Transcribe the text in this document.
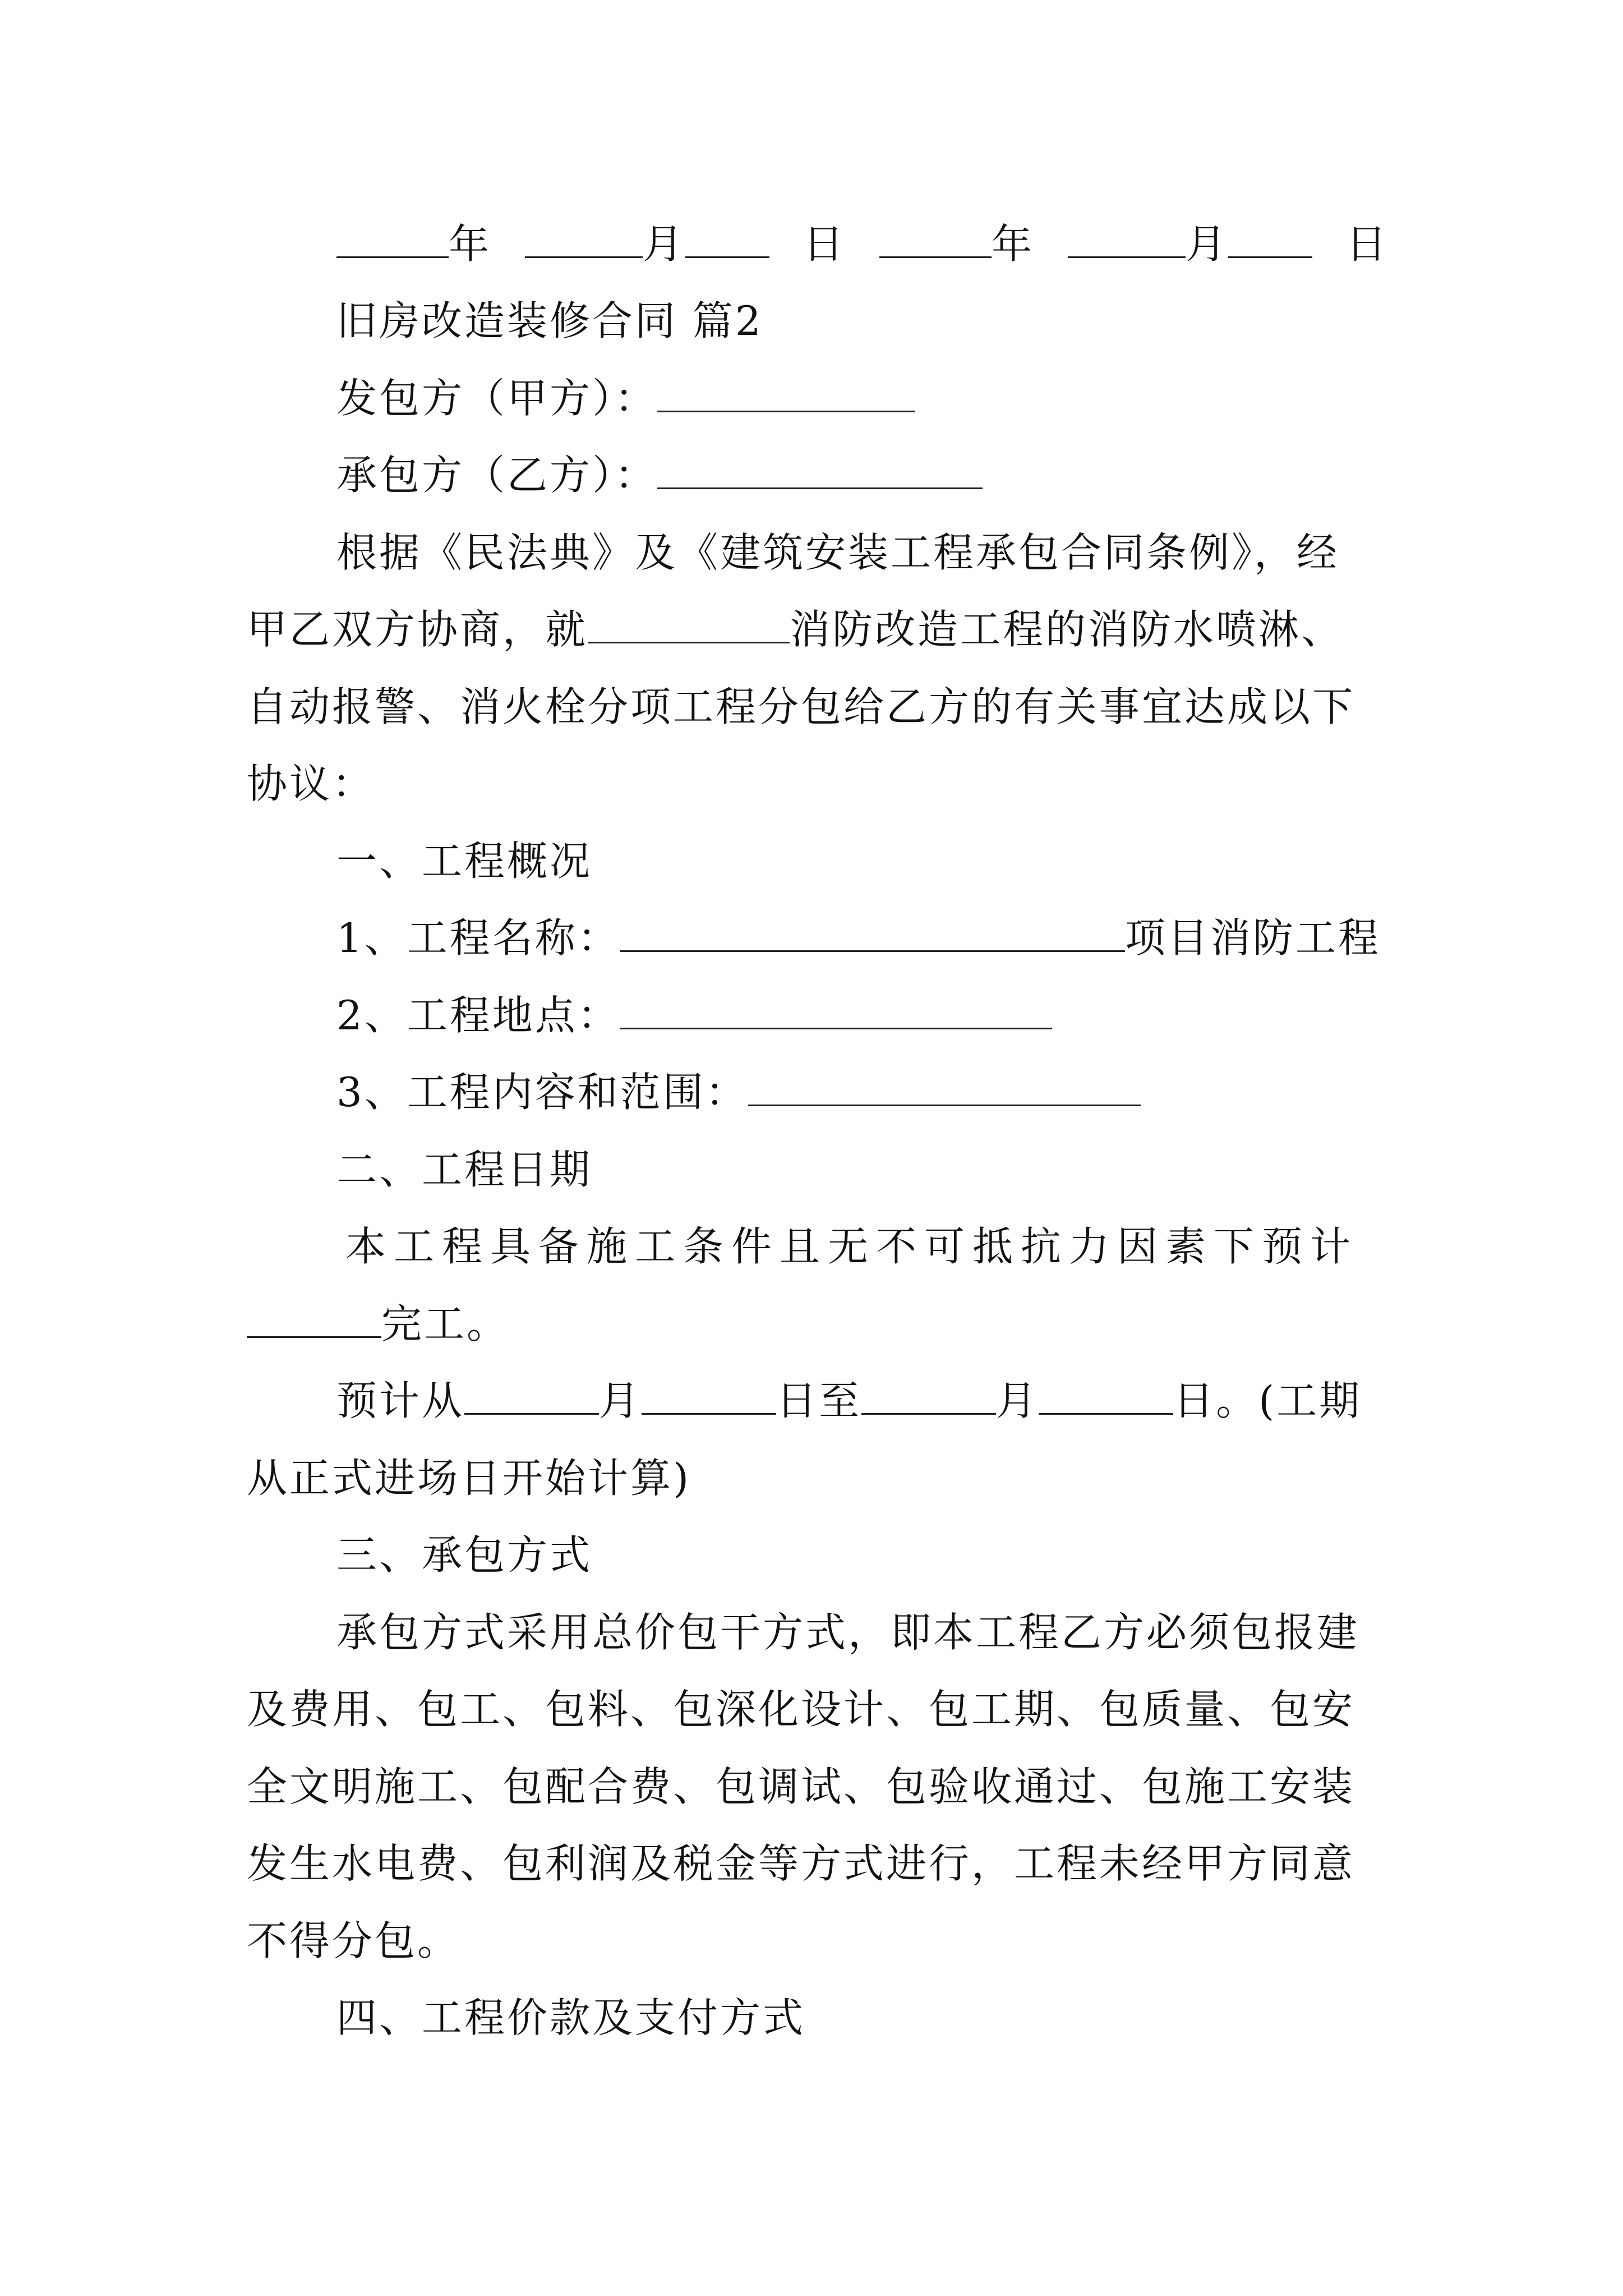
年	月	日	年	月	日
旧房改造装修合同 篇2
发包方（甲方）：
承包方（乙方）：
根据《民法典》及《建筑安装工程承包合同条例》，经
甲乙双方协商，就	消防改造工程的消防水喷淋、
自动报警、消火栓分项工程分包给乙方的有关事宜达成以下
协议：
一、工程概况
1、工程名称：	项目消防工程
2、工程地点：
3、工程内容和范围：
二、工程日期
本工程具备施工条件且无不可抵抗力因素下预计
完工。
预计从	月	日至	月	日。(工期
从正式进场日开始计算)
三、承包方式
承包方式采用总价包干方式，即本工程乙方必须包报建
及费用、包工、包料、包深化设计、包工期、包质量、包安
全文明施工、包配合费、包调试、包验收通过、包施工安装
发生水电费、包利润及税金等方式进行，工程未经甲方同意
不得分包。
四、工程价款及支付方式
